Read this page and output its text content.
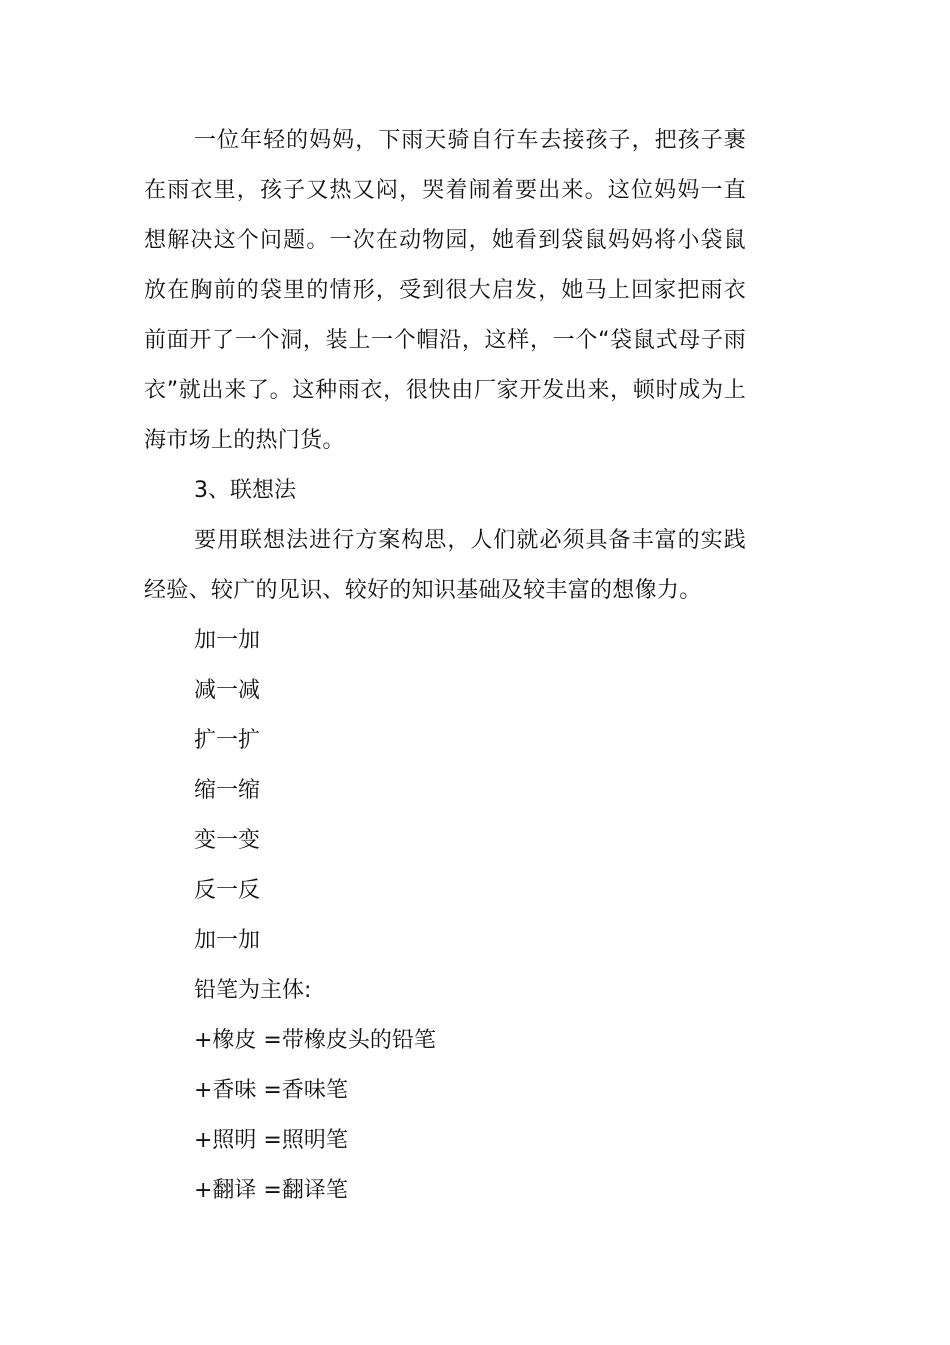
一位年轻的妈妈，下雨天骑自行车去接孩子，把孩子裹在雨衣里，孩子又热又闷，哭着闹着要出来。这位妈妈一直想解决这个问题。一次在动物园，她看到袋鼠妈妈将小袋鼠放在胸前的袋里的情形，受到很大启发，她马上回家把雨衣前面开了一个洞，装上一个帽沿，这样，一个“袋鼠式母子雨衣”就出来了。这种雨衣，很快由厂家开发出来，顿时成为上海市场上的热门货。

3、联想法

要用联想法进行方案构思，人们就必须具备丰富的实践经验、较广的见识、较好的知识基础及较丰富的想像力。

加一加

减一减

扩一扩

缩一缩

变一变

反一反

加一加

铅笔为主体:

+橡皮 =带橡皮头的铅笔

+香味 =香味笔

+照明 =照明笔

+翻译 =翻译笔
